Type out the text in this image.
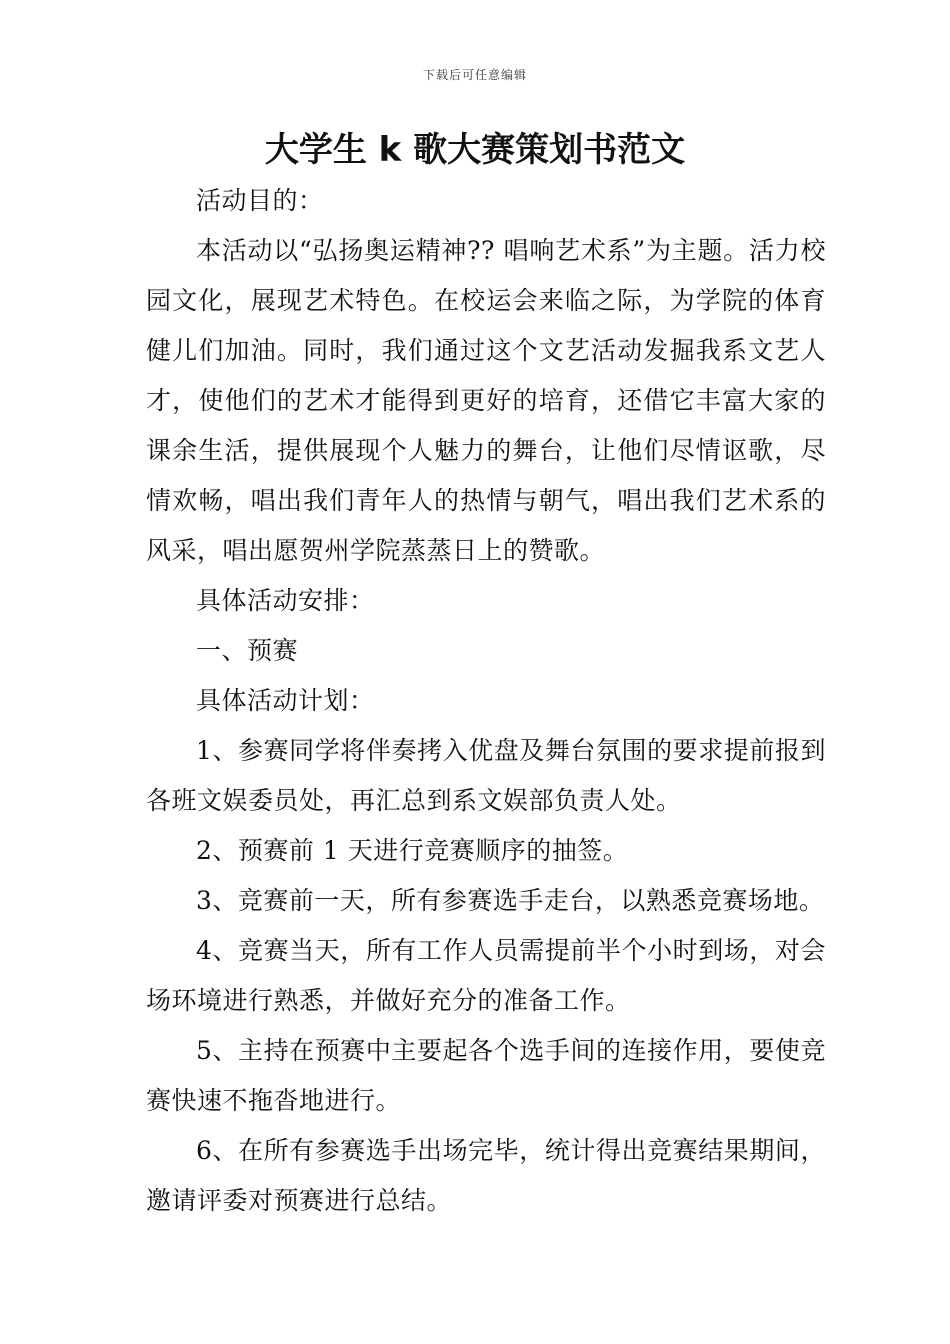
下载后可任意编辑
大学生 k 歌大赛策划书范文

活动目的：

本活动以“弘扬奥运精神?? 唱响艺术系”为主题。活力校园文化，展现艺术特色。在校运会来临之际，为学院的体育健儿们加油。同时，我们通过这个文艺活动发掘我系文艺人才，使他们的艺术才能得到更好的培育，还借它丰富大家的课余生活，提供展现个人魅力的舞台，让他们尽情讴歌，尽情欢畅，唱出我们青年人的热情与朝气，唱出我们艺术系的风采，唱出愿贺州学院蒸蒸日上的赞歌。

具体活动安排：

一、预赛

具体活动计划：

1、参赛同学将伴奏拷入优盘及舞台氛围的要求提前报到各班文娱委员处，再汇总到系文娱部负责人处。

2、预赛前 1 天进行竞赛顺序的抽签。

3、竞赛前一天，所有参赛选手走台，以熟悉竞赛场地。

4、竞赛当天，所有工作人员需提前半个小时到场，对会场环境进行熟悉，并做好充分的准备工作。

5、主持在预赛中主要起各个选手间的连接作用，要使竞赛快速不拖沓地进行。

6、在所有参赛选手出场完毕，统计得出竞赛结果期间，邀请评委对预赛进行总结。
